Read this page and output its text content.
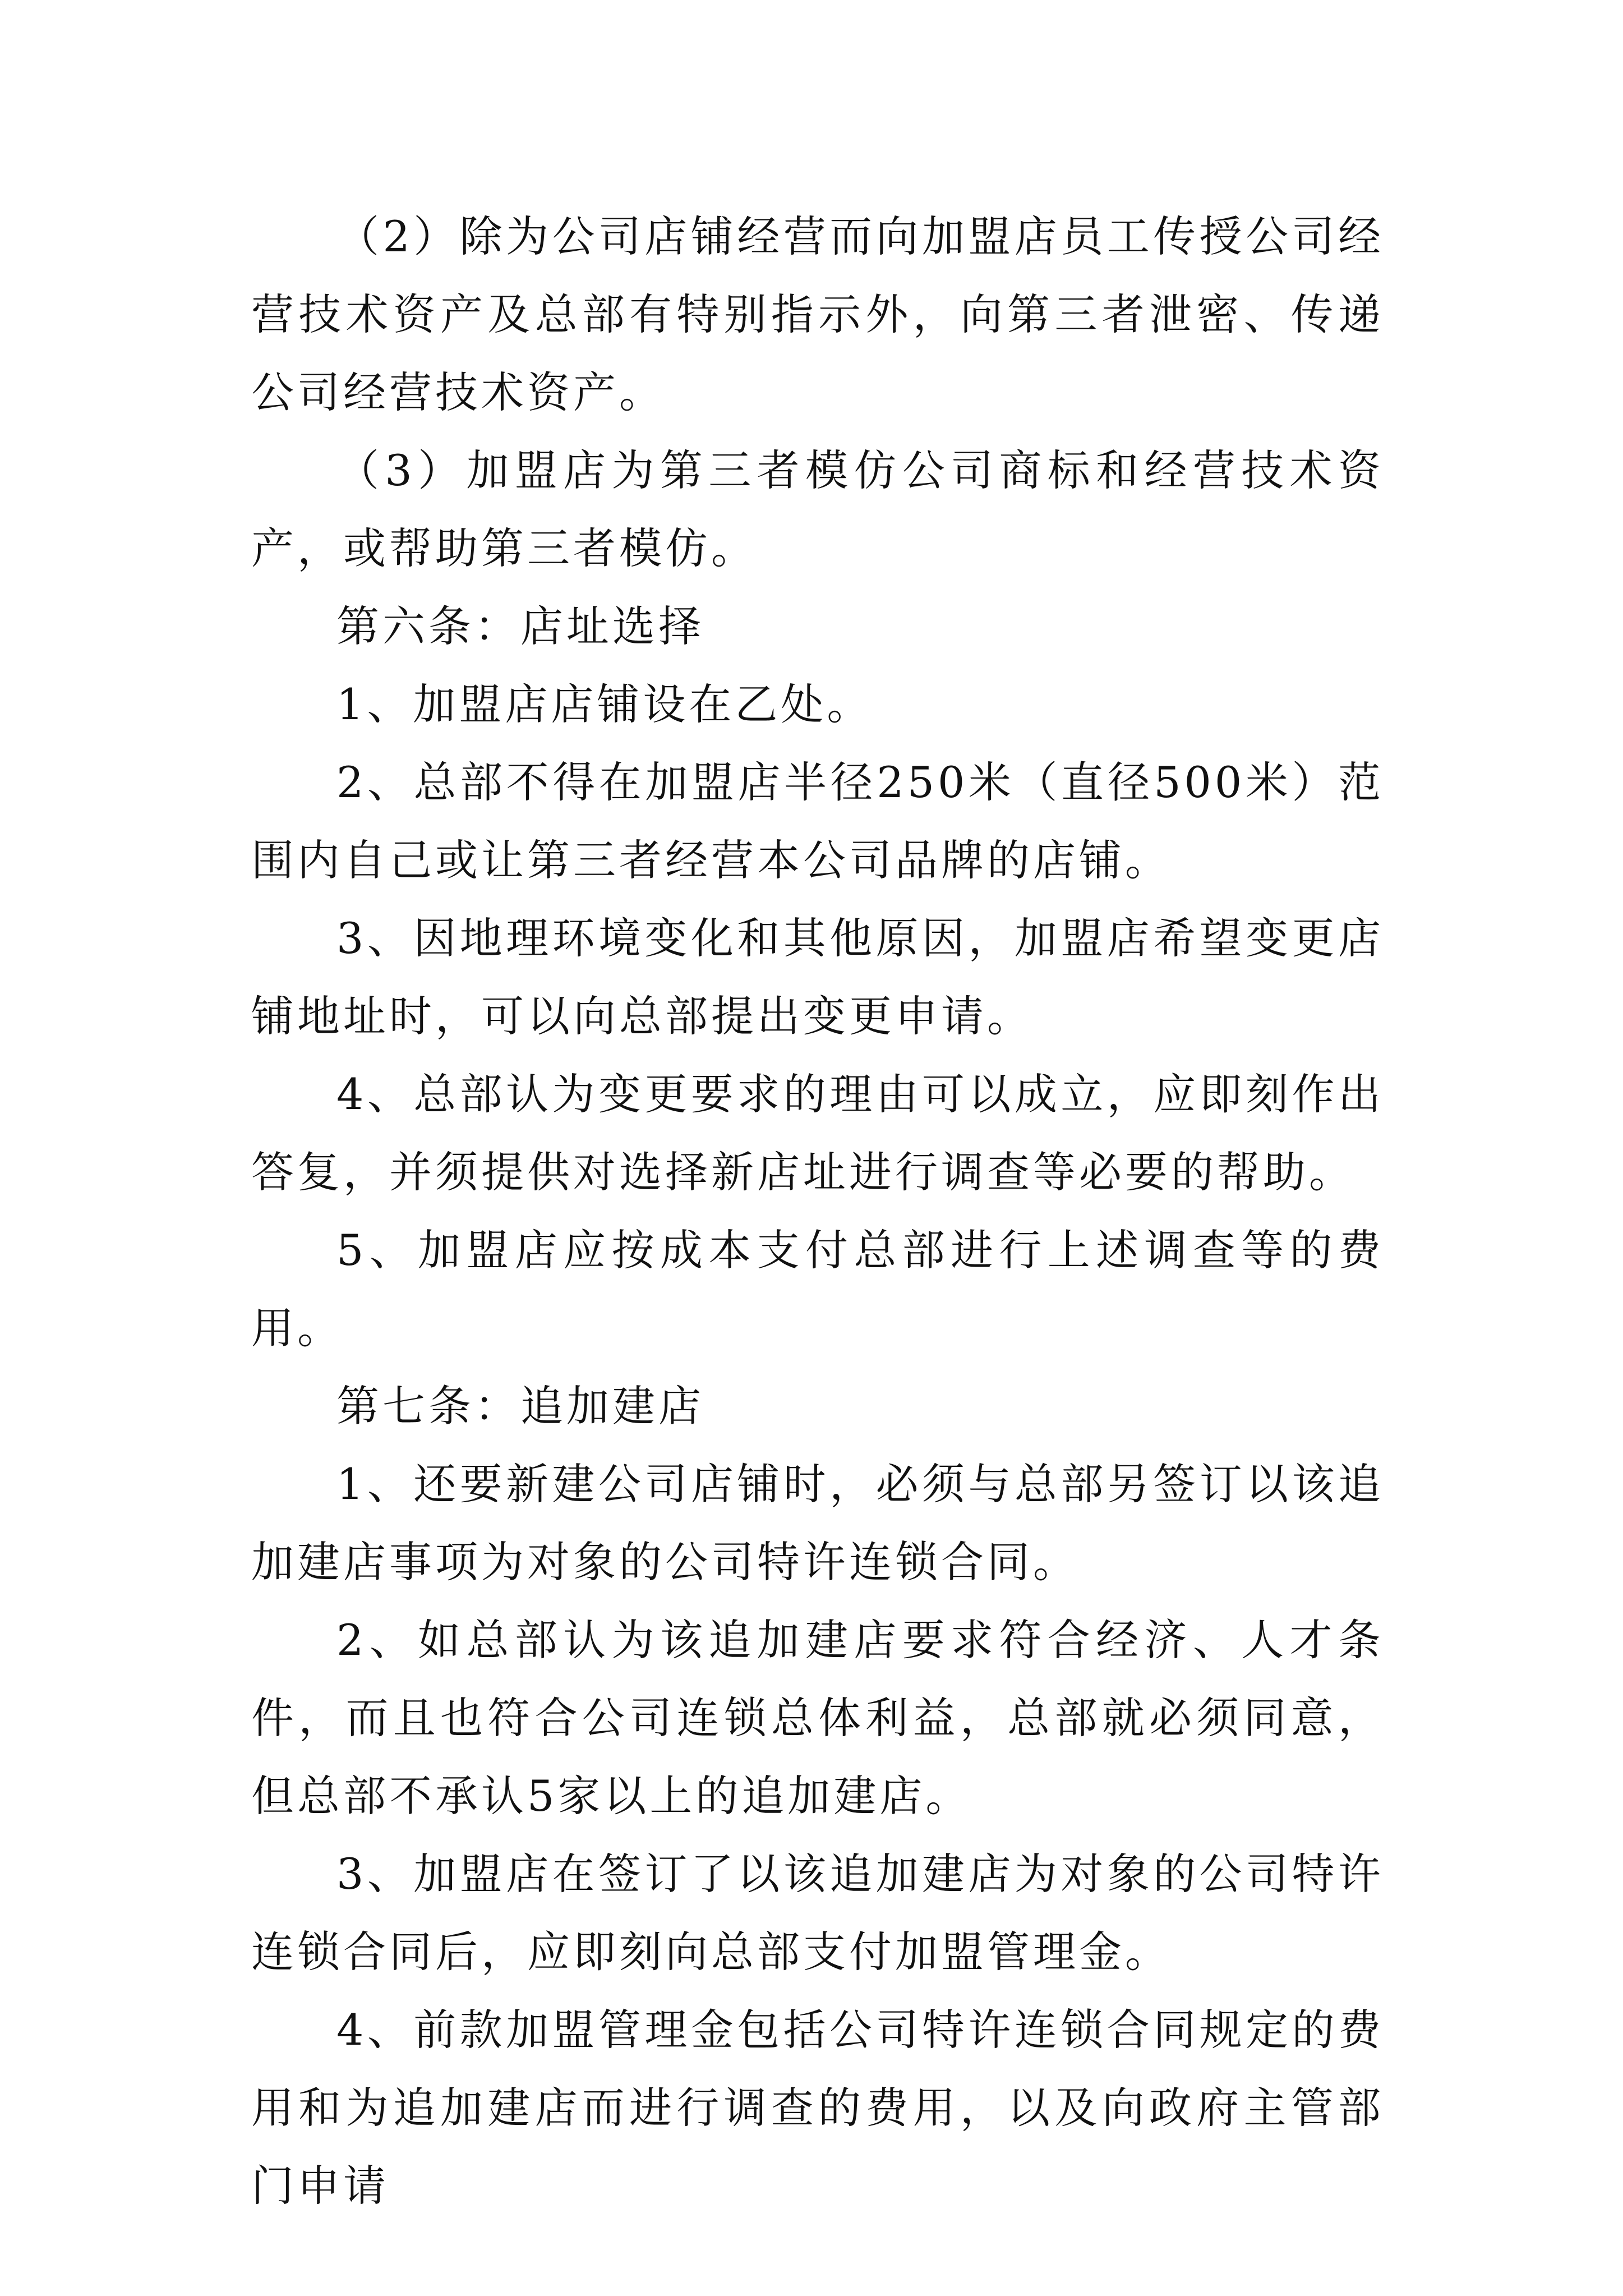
（2）除为公司店铺经营而向加盟店员工传授公司经营技术资产及总部有特别指示外，向第三者泄密、传递公司经营技术资产。

（3）加盟店为第三者模仿公司商标和经营技术资产，或帮助第三者模仿。

第六条：店址选择

1、加盟店店铺设在乙处。

2、总部不得在加盟店半径250米（直径500米）范围内自己或让第三者经营本公司品牌的店铺。

3、因地理环境变化和其他原因，加盟店希望变更店铺地址时，可以向总部提出变更申请。

4、总部认为变更要求的理由可以成立，应即刻作出答复，并须提供对选择新店址进行调查等必要的帮助。

5、加盟店应按成本支付总部进行上述调查等的费用。

第七条：追加建店

1、还要新建公司店铺时，必须与总部另签订以该追加建店事项为对象的公司特许连锁合同。

2、如总部认为该追加建店要求符合经济、人才条件，而且也符合公司连锁总体利益，总部就必须同意，但总部不承认5家以上的追加建店。

3、加盟店在签订了以该追加建店为对象的公司特许连锁合同后，应即刻向总部支付加盟管理金。

4、前款加盟管理金包括公司特许连锁合同规定的费用和为追加建店而进行调查的费用，以及向政府主管部门申请
